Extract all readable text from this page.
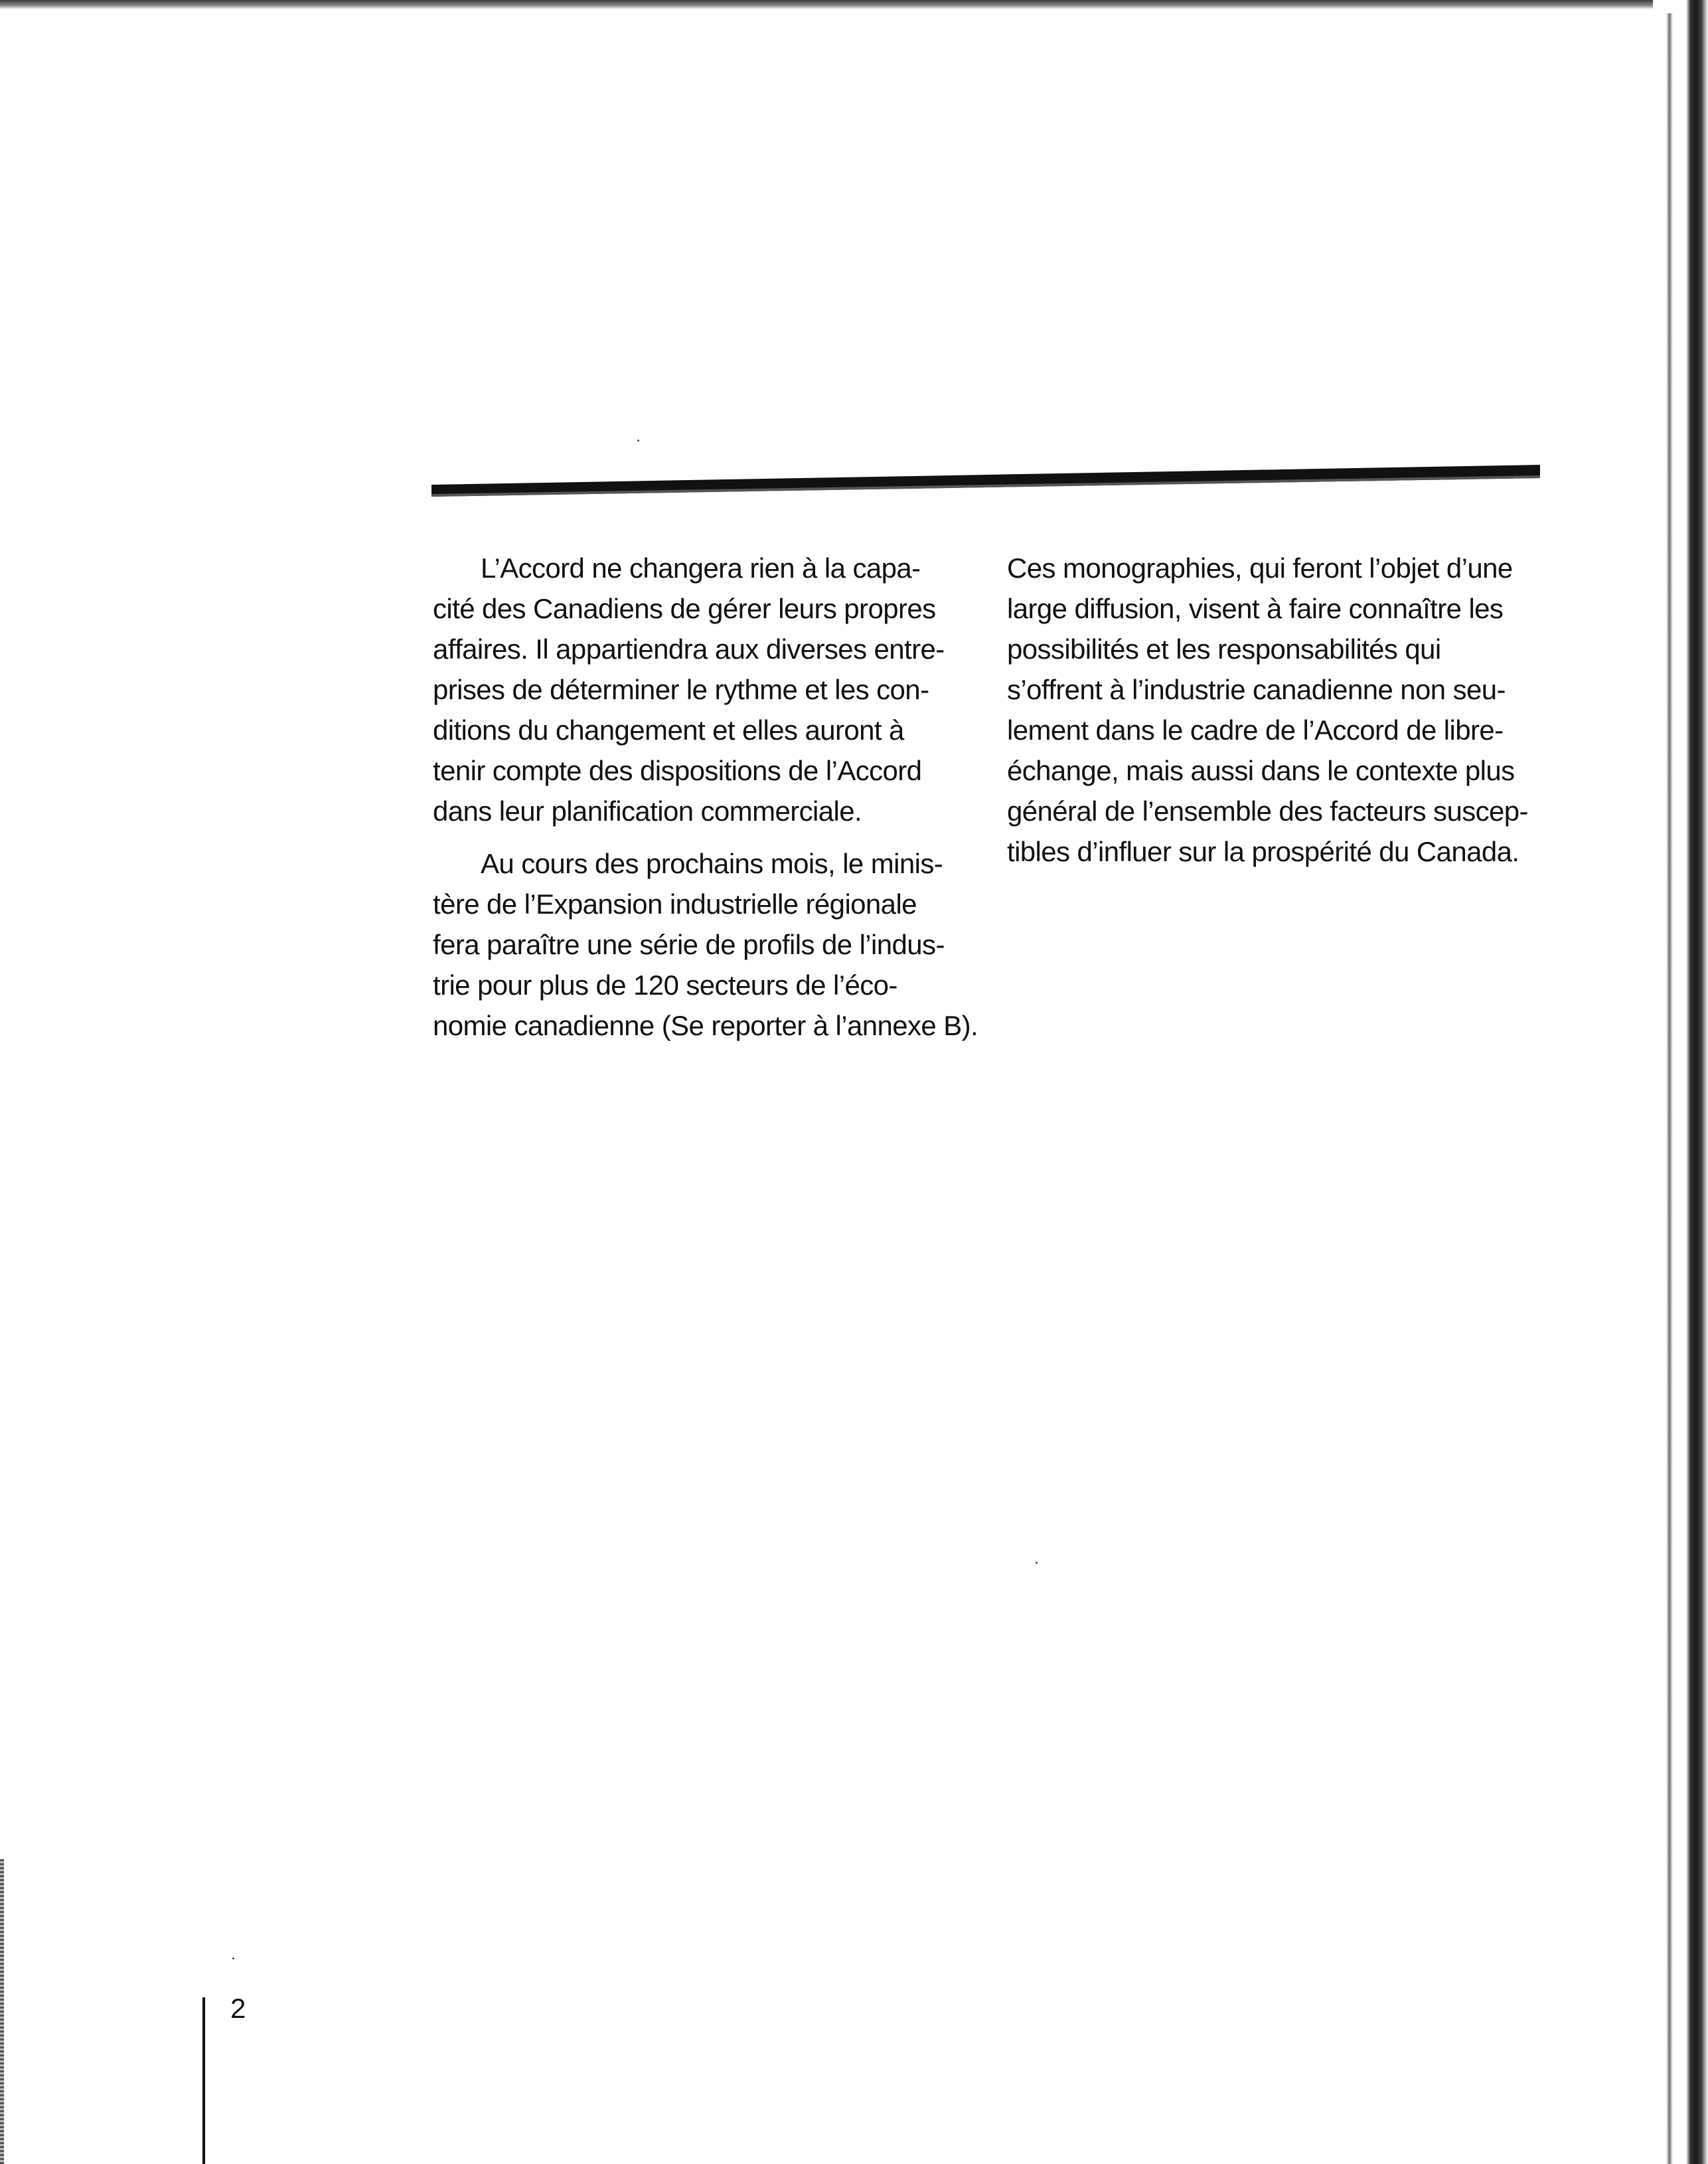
L’Accord ne changera rien à la capa-
cité des Canadiens de gérer leurs propres
affaires. Il appartiendra aux diverses entre-
prises de déterminer le rythme et les con-
ditions du changement et elles auront à
tenir compte des dispositions de l’Accord
dans leur planification commerciale.
Au cours des prochains mois, le minis-
tère de l’Expansion industrielle régionale
fera paraître une série de profils de l’indus-
trie pour plus de 120 secteurs de l’éco-
nomie canadienne (Se reporter à l’annexe B).
Ces monographies, qui feront l’objet d’une
large diffusion, visent à faire connaître les
possibilités et les responsabilités qui
s’offrent à l’industrie canadienne non seu-
lement dans le cadre de l’Accord de libre-
échange, mais aussi dans le contexte plus
général de l’ensemble des facteurs suscep-
tibles d’influer sur la prospérité du Canada.
2
